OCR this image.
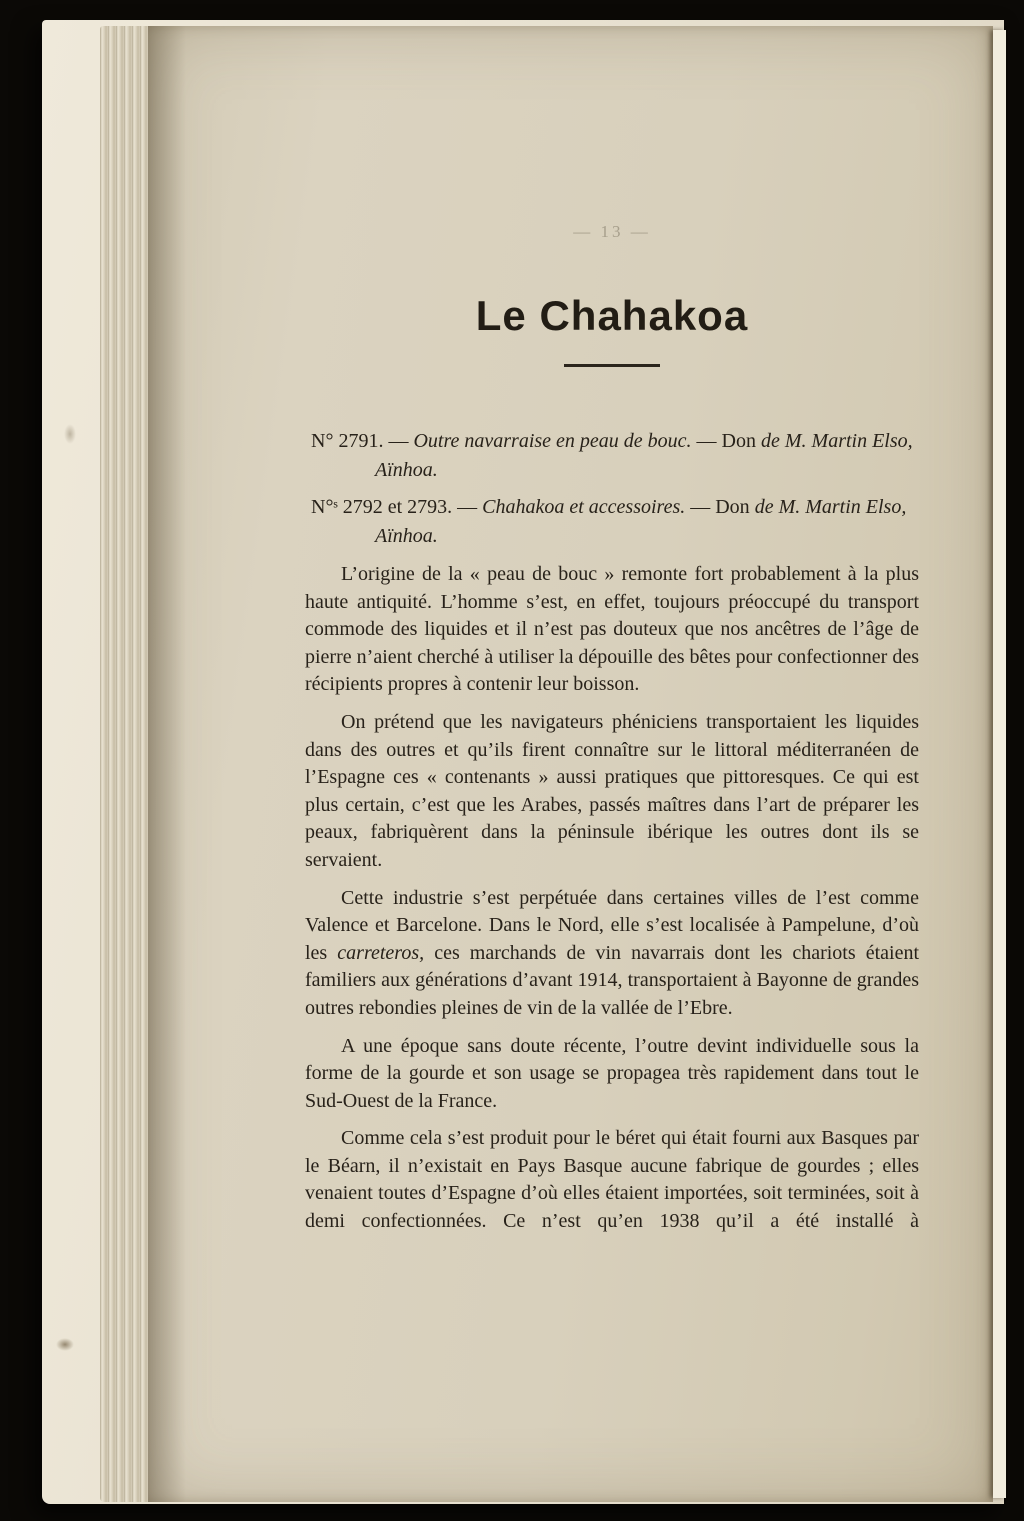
— 13 —
Le Chahakoa

N° 2791. — Outre navarraise en peau de bouc. — Don de M. Martin Elso, Aïnhoa.

N°ˢ 2792 et 2793. — Chahakoa et accessoires. — Don de M. Martin Elso, Aïnhoa.

L’origine de la « peau de bouc » remonte fort probablement à la plus haute antiquité. L’homme s’est, en effet, toujours préoccupé du transport commode des liquides et il n’est pas douteux que nos ancêtres de l’âge de pierre n’aient cherché à utiliser la dépouille des bêtes pour confectionner des récipients propres à contenir leur boisson.

On prétend que les navigateurs phéniciens transportaient les liquides dans des outres et qu’ils firent connaître sur le littoral méditerranéen de l’Espagne ces « contenants » aussi pratiques que pittoresques. Ce qui est plus certain, c’est que les Arabes, passés maîtres dans l’art de préparer les peaux, fabriquèrent dans la péninsule ibérique les outres dont ils se servaient.

Cette industrie s’est perpétuée dans certaines villes de l’est comme Valence et Barcelone. Dans le Nord, elle s’est localisée à Pampelune, d’où les carreteros, ces marchands de vin navarrais dont les chariots étaient familiers aux générations d’avant 1914, transportaient à Bayonne de grandes outres rebondies pleines de vin de la vallée de l’Ebre.

A une époque sans doute récente, l’outre devint individuelle sous la forme de la gourde et son usage se propagea très rapidement dans tout le Sud-Ouest de la France.

Comme cela s’est produit pour le béret qui était fourni aux Basques par le Béarn, il n’existait en Pays Basque aucune fabrique de gourdes ; elles venaient toutes d’Espagne d’où elles étaient importées, soit terminées, soit à demi confectionnées. Ce n’est qu’en 1938 qu’il a été installé à
